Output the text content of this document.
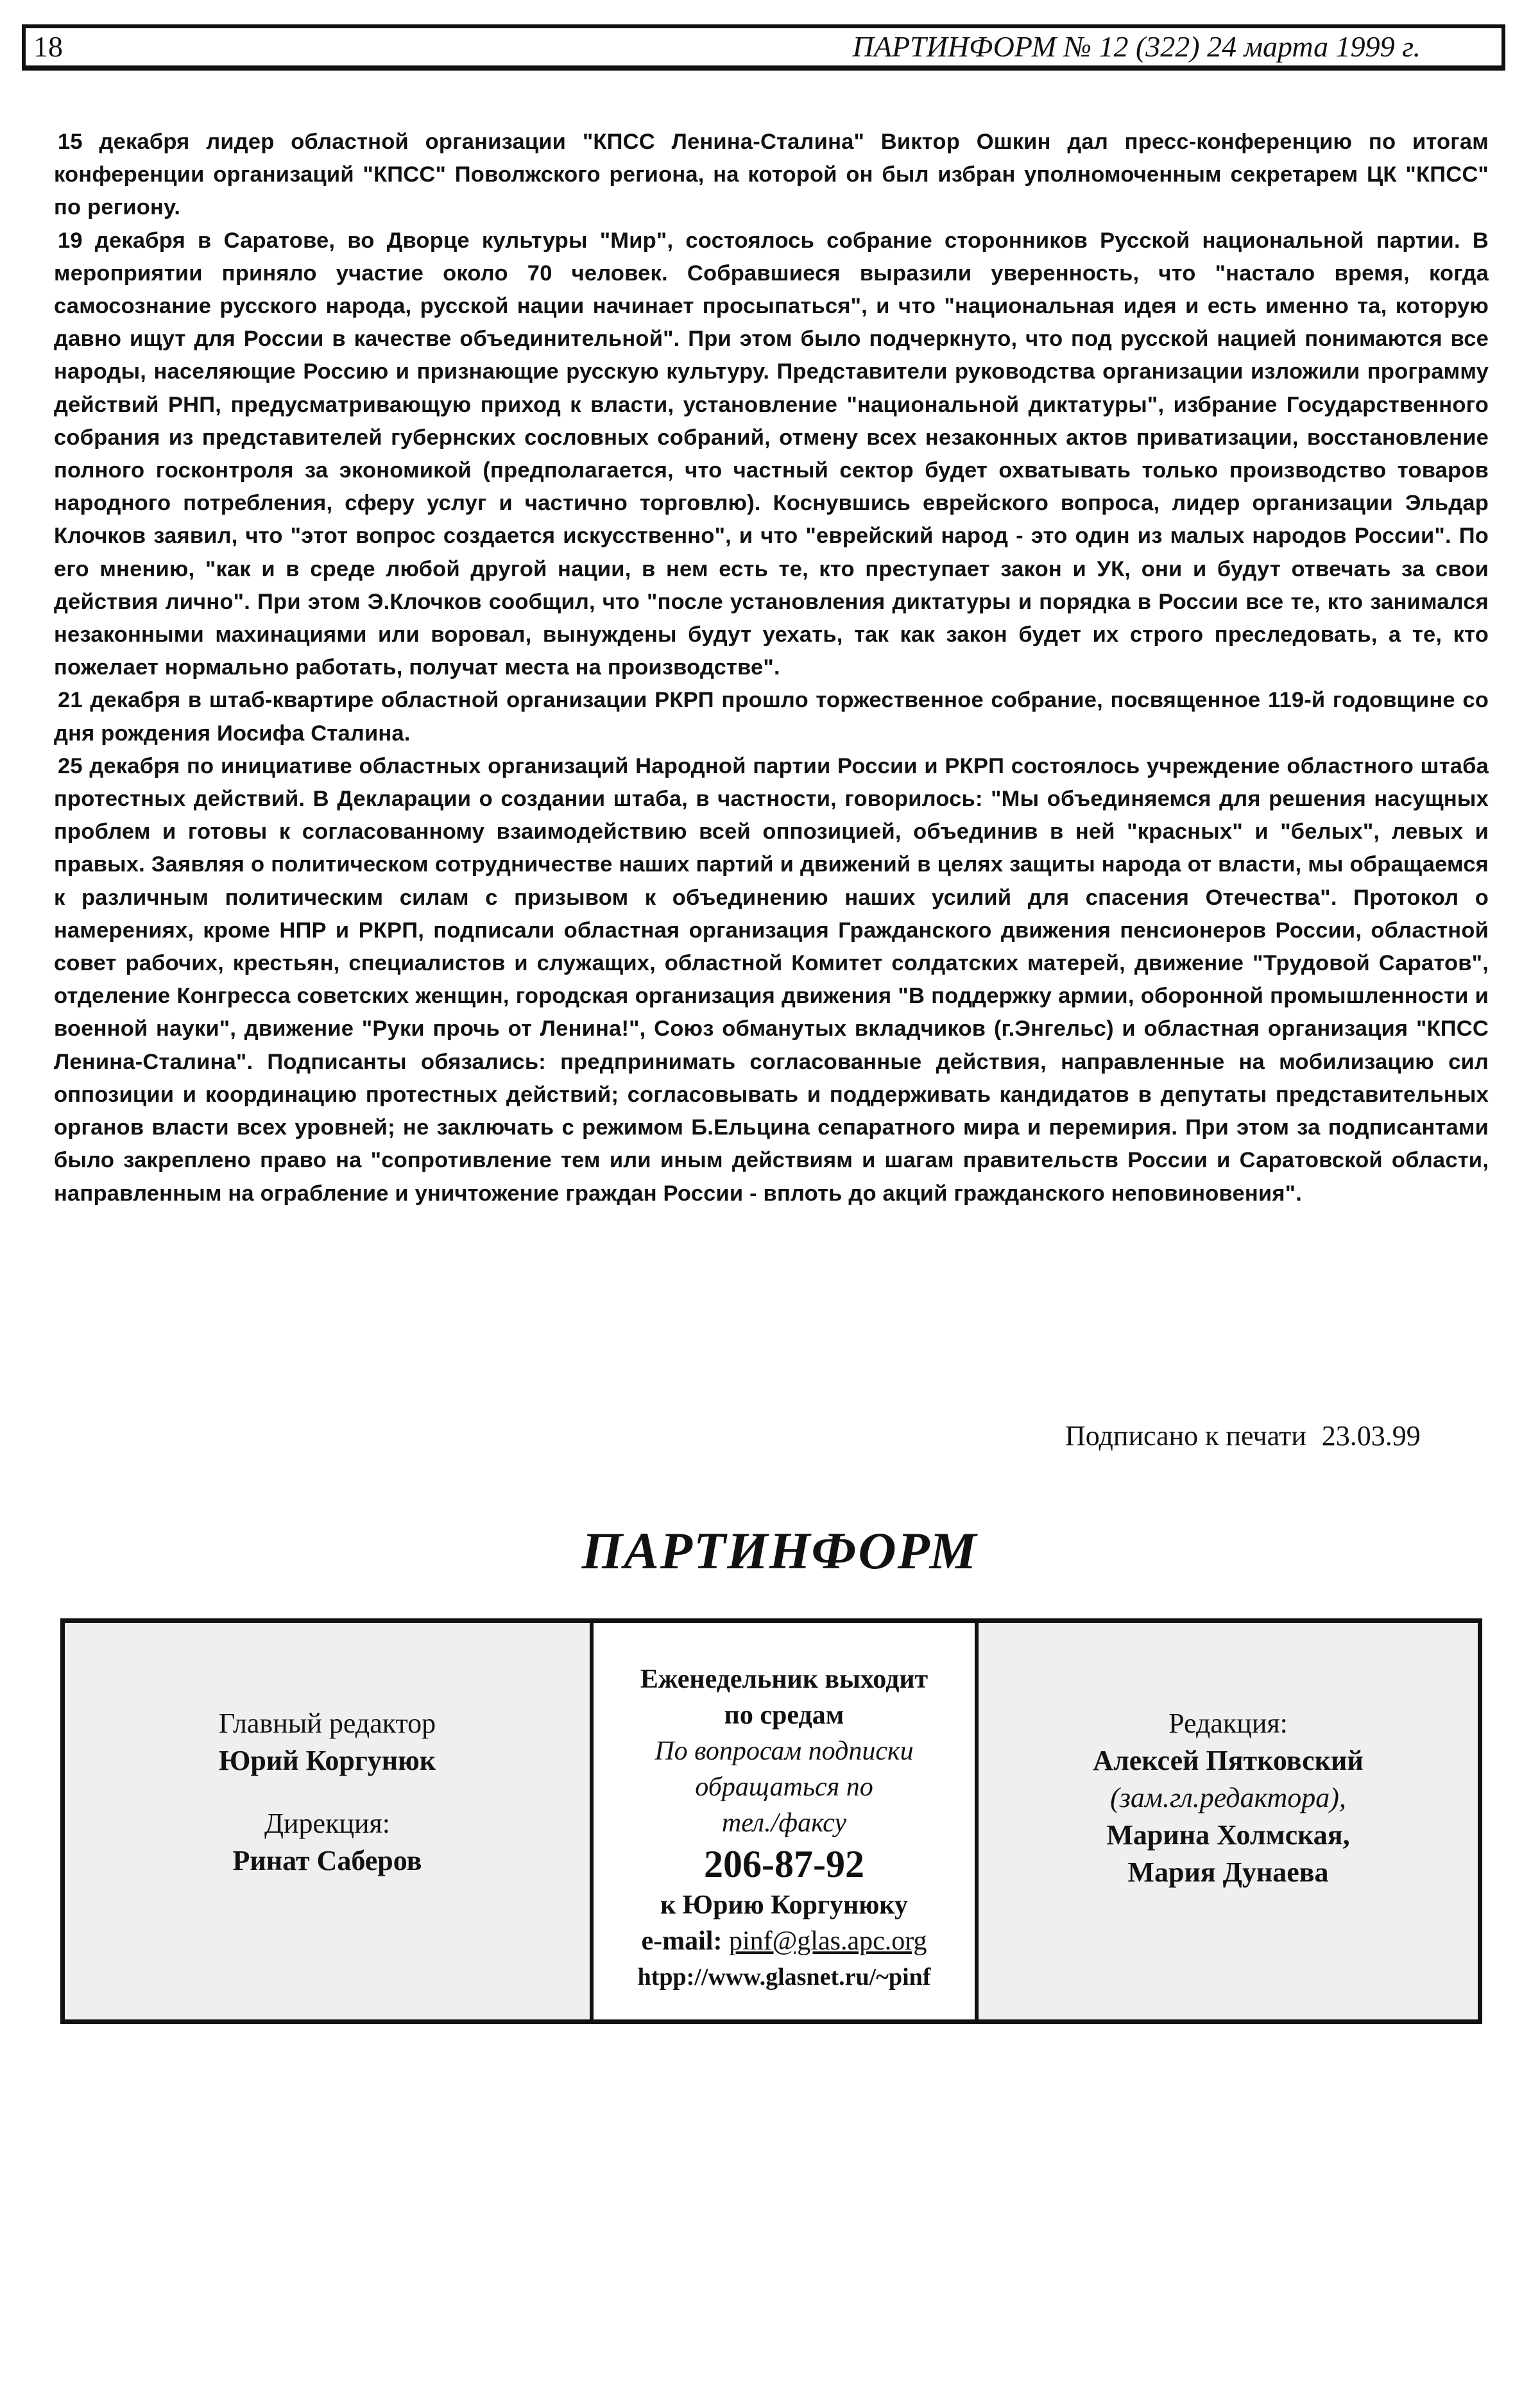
18	ПАРТИНФОРМ № 12 (322) 24 марта 1999 г.

15 декабря лидер областной организации "КПСС Ленина-Сталина" Виктор Ошкин дал пресс-конференцию по итогам конференции организаций "КПСС" Поволжского региона, на которой он был избран уполномоченным секретарем ЦК "КПСС" по региону.

19 декабря в Саратове, во Дворце культуры "Мир", состоялось собрание сторонников Русской национальной партии. В мероприятии приняло участие около 70 человек. Собравшиеся выразили уверенность, что "настало время, когда самосознание русского народа, русской нации начинает просыпаться", и что "национальная идея и есть именно та, которую давно ищут для России в качестве объединительной". При этом было подчеркнуто, что под русской нацией понимаются все народы, населяющие Россию и признающие русскую культуру. Представители руководства организации изложили программу действий РНП, предусматривающую приход к власти, установление "национальной диктатуры", избрание Государственного собрания из представителей губернских сословных собраний, отмену всех незаконных актов приватизации, восстановление полного госконтроля за экономикой (предполагается, что частный сектор будет охватывать только производство товаров народного потребления, сферу услуг и частично торговлю). Коснувшись еврейского вопроса, лидер организации Эльдар Клочков заявил, что "этот вопрос создается искусственно", и что "еврейский народ - это один из малых народов России". По его мнению, "как и в среде любой другой нации, в нем есть те, кто преступает закон и УК, они и будут отвечать за свои действия лично". При этом Э.Клочков сообщил, что "после установления диктатуры и порядка в России все те, кто занимался незаконными махинациями или воровал, вынуждены будут уехать, так как закон будет их строго преследовать, а те, кто пожелает нормально работать, получат места на производстве".

21 декабря в штаб-квартире областной организации РКРП прошло торжественное собрание, посвященное 119-й годовщине со дня рождения Иосифа Сталина.

25 декабря по инициативе областных организаций Народной партии России и РКРП состоялось учреждение областного штаба протестных действий. В Декларации о создании штаба, в частности, говорилось: "Мы объединяемся для решения насущных проблем и готовы к согласованному взаимодействию всей оппозицией, объединив в ней "красных" и "белых", левых и правых. Заявляя о политическом сотрудничестве наших партий и движений в целях защиты народа от власти, мы обращаемся к различным политическим силам с призывом к объединению наших усилий для спасения Отечества". Протокол о намерениях, кроме НПР и РКРП, подписали областная организация Гражданского движения пенсионеров России, областной совет рабочих, крестьян, специалистов и служащих, областной Комитет солдатских матерей, движение "Трудовой Саратов", отделение Конгресса советских женщин, городская организация движения "В поддержку армии, оборонной промышленности и военной науки", движение "Руки прочь от Ленина!", Союз обманутых вкладчиков (г.Энгельс) и областная организация "КПСС Ленина-Сталина". Подписанты обязались: предпринимать согласованные действия, направленные на мобилизацию сил оппозиции и координацию протестных действий; согласовывать и поддерживать кандидатов в депутаты представительных органов власти всех уровней; не заключать с режимом Б.Ельцина сепаратного мира и перемирия. При этом за подписантами было закреплено право на "сопротивление тем или иным действиям и шагам правительств России и Саратовской области, направленным на ограбление и уничтожение граждан России - вплоть до акций гражданского неповиновения".

Подписано к печати 23.03.99
ПАРТИНФОРМ
Главный редактор
Юрий Коргунюк
Дирекция:
Ринат Саберов
Еженедельник выходит
по средам
По вопросам подписки
обращаться по
тел./факсу
206-87-92
к Юрию Коргунюку
e-mail: pinf@glas.apc.org
htpp://www.glasnet.ru/~pinf
Редакция:
Алексей Пятковский
(зам.гл.редактора),
Марина Холмская,
Мария Дунаева
